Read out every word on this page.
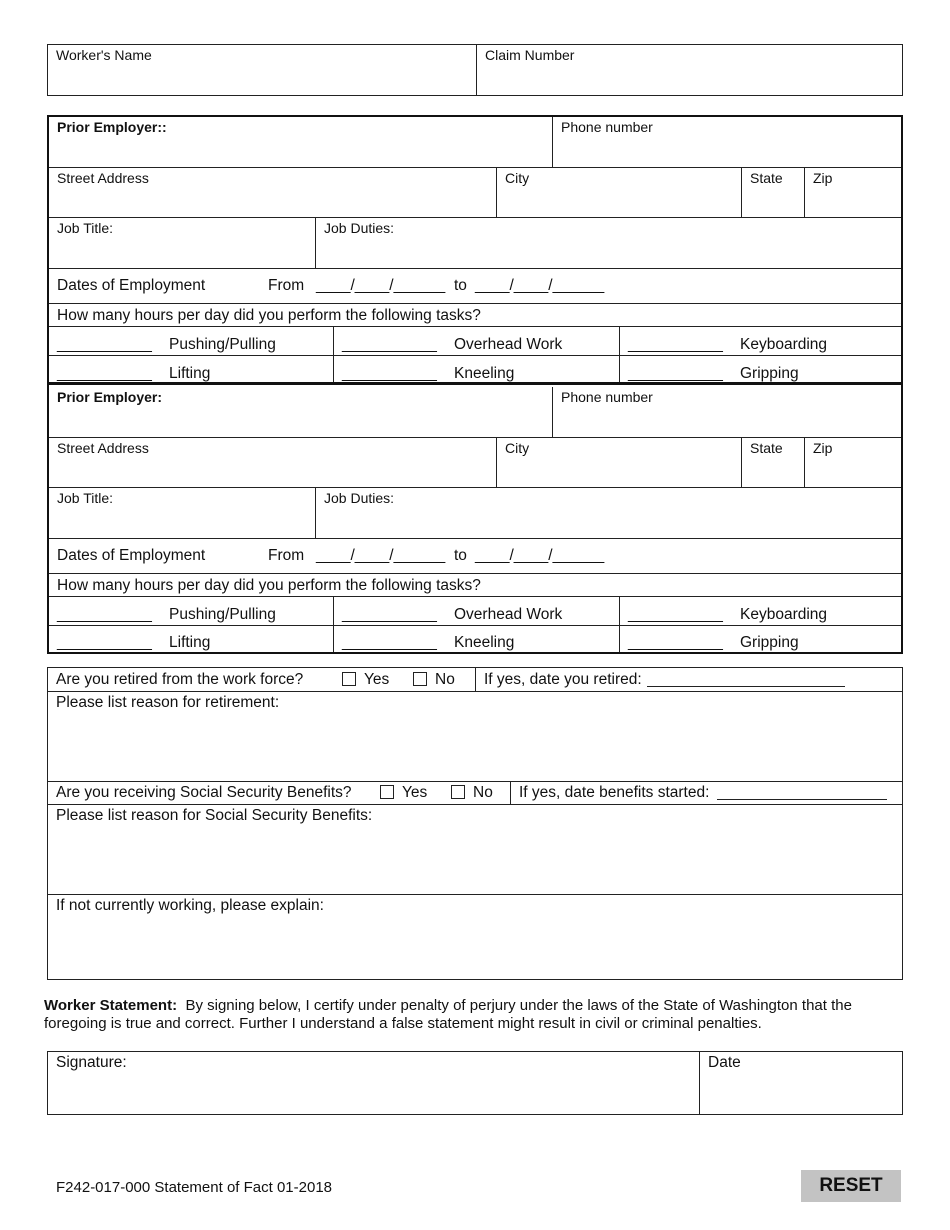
Worker's Name	Claim Number
Prior Employer::	Phone number
Street Address	City	State Zip
Job Title:	Job Duties:
Dates of Employment	From ____/____/______ to ____/____/______
How many hours per day did you perform the following tasks?
___________ Pushing/Pulling	___________ Overhead Work	___________ Keyboarding
___________ Lifting	___________ Kneeling	___________ Gripping
Prior Employer:	Phone number
Street Address	City	State Zip
Job Title:	Job Duties:
Dates of Employment	From ____/____/______ to ____/____/______
How many hours per day did you perform the following tasks?
___________ Pushing/Pulling	___________ Overhead Work	___________ Keyboarding
___________ Lifting	___________ Kneeling	___________ Gripping
Are you retired from the work force?	Yes	No If yes, date you retired:
Please list reason for retirement:
Are you receiving Social Security Benefits?	Yes	No If yes, date benefits started:
Please list reason for Social Security Benefits:
If not currently working, please explain:
Worker Statement: By signing below, I certify under penalty of perjury under the laws of the State of Washington that the foregoing is true and correct. Further I understand a false statement might result in civil or criminal penalties.
Signature:	Date
F242-017-000 Statement of Fact 01-2018	RESET
